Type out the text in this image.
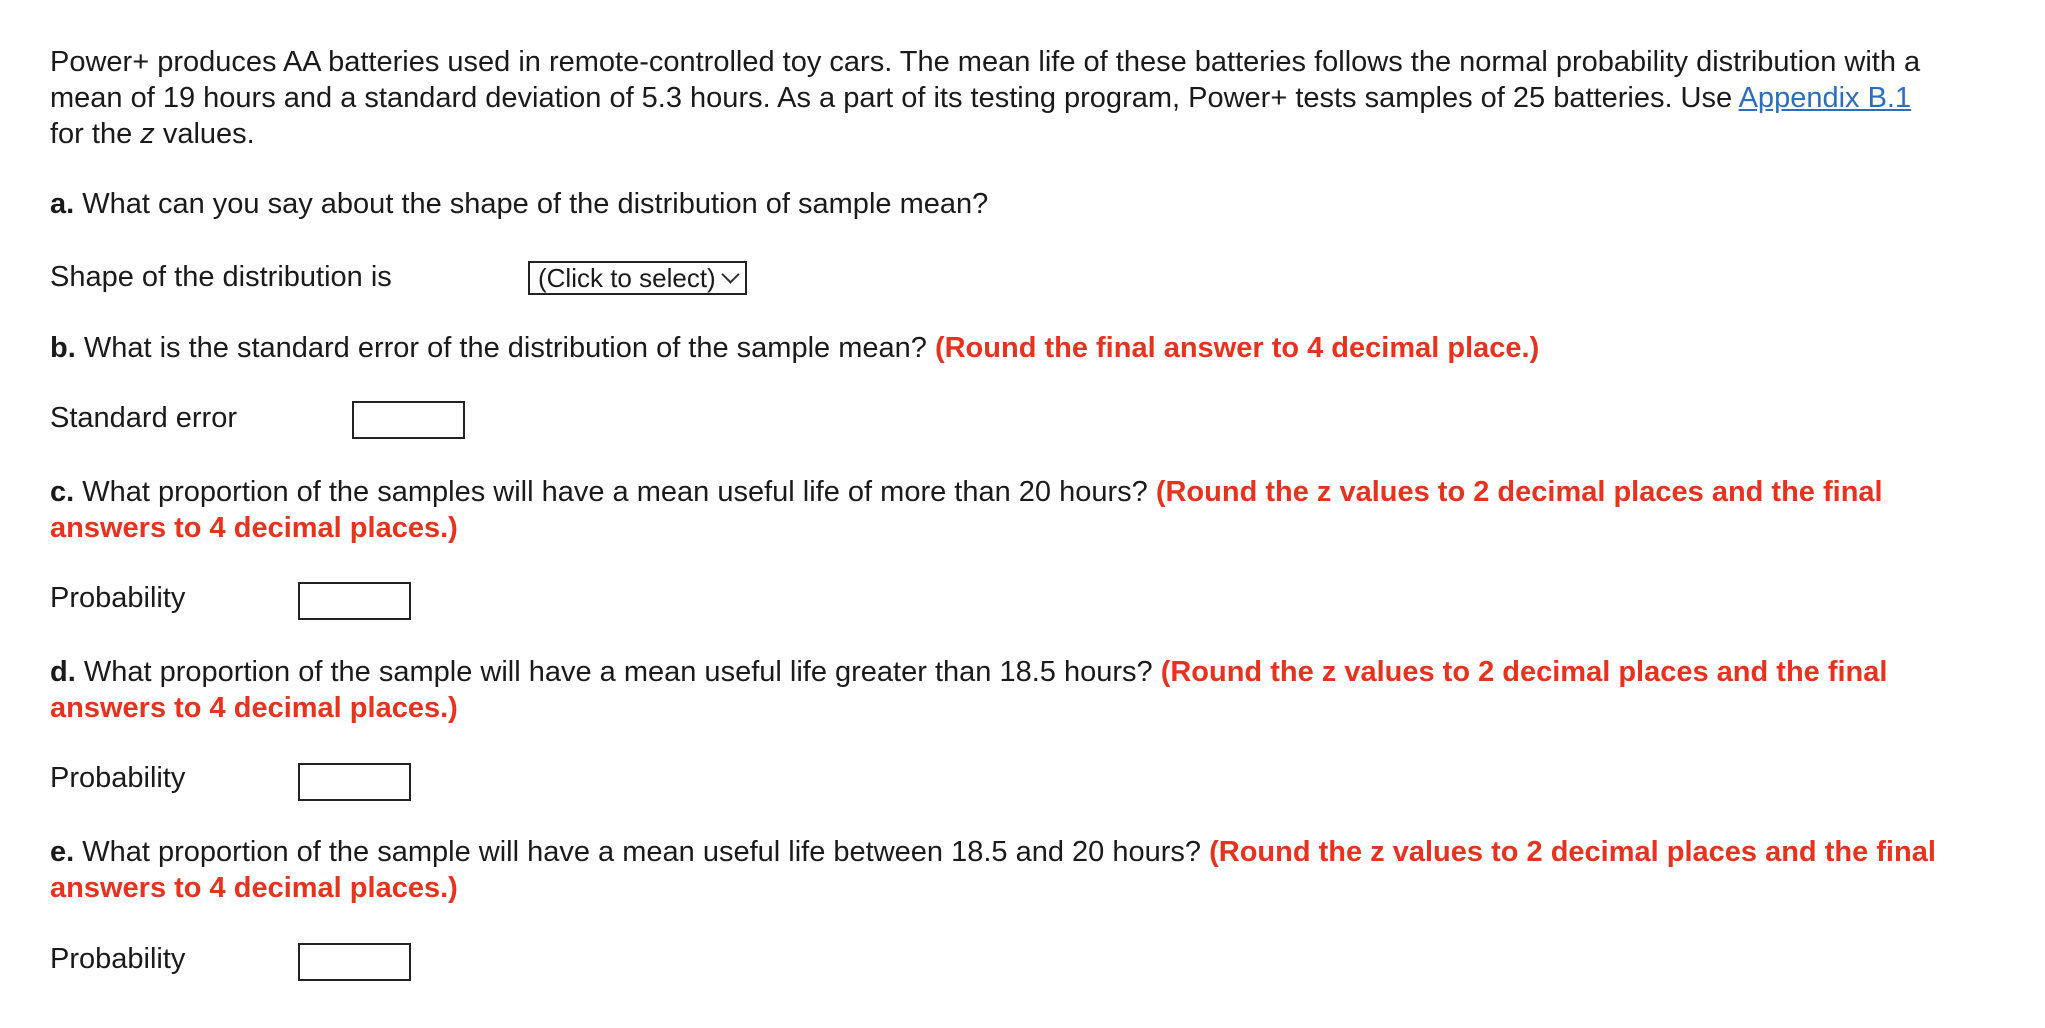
Power+ produces AA batteries used in remote-controlled toy cars. The mean life of these batteries follows the normal probability distribution with a mean of 19 hours and a standard deviation of 5.3 hours. As a part of its testing program, Power+ tests samples of 25 batteries. Use Appendix B.1 for the z values.

a. What can you say about the shape of the distribution of sample mean?

Shape of the distribution is	(Click to select)

b. What is the standard error of the distribution of the sample mean? (Round the final answer to 4 decimal place.)

Standard error

c. What proportion of the samples will have a mean useful life of more than 20 hours? (Round the z values to 2 decimal places and the final answers to 4 decimal places.)

Probability

d. What proportion of the sample will have a mean useful life greater than 18.5 hours? (Round the z values to 2 decimal places and the final answers to 4 decimal places.)

Probability

e. What proportion of the sample will have a mean useful life between 18.5 and 20 hours? (Round the z values to 2 decimal places and the final answers to 4 decimal places.)

Probability
